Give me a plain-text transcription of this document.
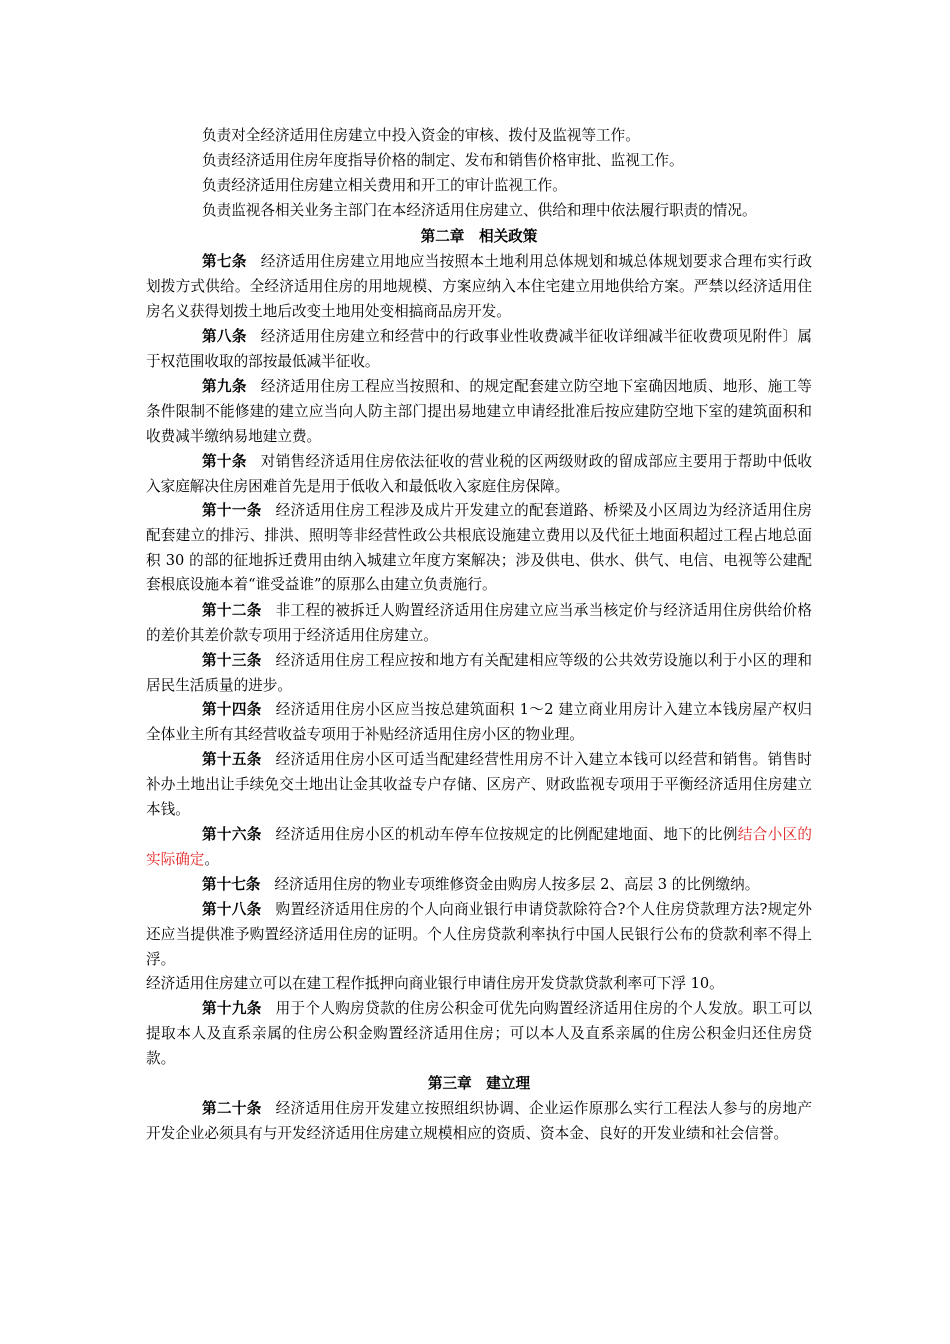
负责对全经济适用住房建立中投入资金的审核、拨付及监视等工作。

负责经济适用住房年度指导价格的制定、发布和销售价格审批、监视工作。

负责经济适用住房建立相关费用和开工的审计监视工作。

负责监视各相关业务主部门在本经济适用住房建立、供给和理中依法履行职责的情况。

第二章　相关政策

第七条 经济适用住房建立用地应当按照本土地利用总体规划和城总体规划要求合理布实行政划拨方式供给。全经济适用住房的用地规模、方案应纳入本住宅建立用地供给方案。严禁以经济适用住房名义获得划拨土地后改变土地用处变相搞商品房开发。

第八条 经济适用住房建立和经营中的行政事业性收费减半征收详细减半征收费项见附件〕属于权范围收取的部按最低减半征收。

第九条 经济适用住房工程应当按照和、的规定配套建立防空地下室确因地质、地形、施工等条件限制不能修建的建立应当向人防主部门提出易地建立申请经批准后按应建防空地下室的建筑面积和收费减半缴纳易地建立费。

第十条 对销售经济适用住房依法征收的营业税的区两级财政的留成部应主要用于帮助中低收入家庭解决住房困难首先是用于低收入和最低收入家庭住房保障。

第十一条 经济适用住房工程涉及成片开发建立的配套道路、桥梁及小区周边为经济适用住房配套建立的排污、排洪、照明等非经营性政公共根底设施建立费用以及代征土地面积超过工程占地总面积 30 的部的征地拆迁费用由纳入城建立年度方案解决；涉及供电、供水、供气、电信、电视等公建配套根底设施本着“谁受益谁”的原那么由建立负责施行。

第十二条 非工程的被拆迁人购置经济适用住房建立应当承当核定价与经济适用住房供给价格的差价其差价款专项用于经济适用住房建立。

第十三条 经济适用住房工程应按和地方有关配建相应等级的公共效劳设施以利于小区的理和居民生活质量的进步。

第十四条 经济适用住房小区应当按总建筑面积 1～2 建立商业用房计入建立本钱房屋产权归全体业主所有其经营收益专项用于补贴经济适用住房小区的物业理。

第十五条 经济适用住房小区可适当配建经营性用房不计入建立本钱可以经营和销售。销售时补办土地出让手续免交土地出让金其收益专户存储、区房产、财政监视专项用于平衡经济适用住房建立本钱。

第十六条 经济适用住房小区的机动车停车位按规定的比例配建地面、地下的比例结合小区的实际确定。

第十七条 经济适用住房的物业专项维修资金由购房人按多层 2、高层 3 的比例缴纳。

第十八条 购置经济适用住房的个人向商业银行申请贷款除符合?个人住房贷款理方法?规定外还应当提供准予购置经济适用住房的证明。个人住房贷款利率执行中国人民银行公布的贷款利率不得上浮。

经济适用住房建立可以在建工程作抵押向商业银行申请住房开发贷款贷款利率可下浮 10。

第十九条 用于个人购房贷款的住房公积金可优先向购置经济适用住房的个人发放。职工可以提取本人及直系亲属的住房公积金购置经济适用住房；可以本人及直系亲属的住房公积金归还住房贷款。

第三章　建立理

第二十条 经济适用住房开发建立按照组织协调、企业运作原那么实行工程法人参与的房地产开发企业必须具有与开发经济适用住房建立规模相应的资质、资本金、良好的开发业绩和社会信誉。
